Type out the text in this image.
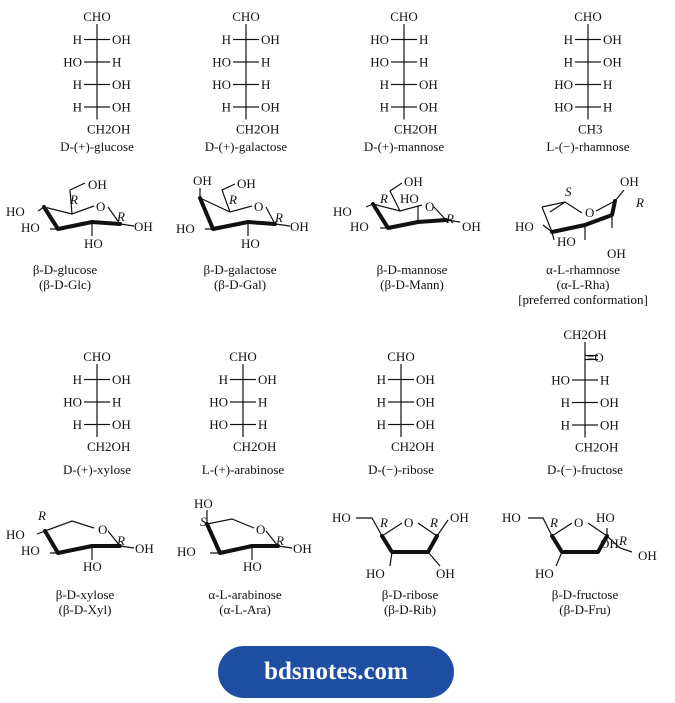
CHO
H OH
HO H
H OH
H OH
CH2OH
D-(+)-glucose
CHO
H OH
HO H
HO H
H OH
CH2OH
D-(+)-galactose
CHO
HO H
HO H
H OH
H OH
CH2OH
D-(+)-mannose
CHO
H OH
H OH
HO H
HO H
CH3
L-(−)-rhamnose
CHO
H OH
HO H
H OH
CH2OH
D-(+)-xylose
CHO
H OH
HO H
HO H
CH2OH
L-(+)-arabinose
CHO
H OH
H OH
H OH
CH2OH
D-(−)-ribose
CH2OH
=O
HO H
H OH
H OH
CH2OH
D-(−)-fructose
OH
R O
R
OH
HO
HO
HO
β-D-glucose
(β-D-Glc)
OH OH
R O
R
OH
HO
HO
β-D-galactose
(β-D-Gal)
OH
R HO
O
R
OH
HO
HO
β-D-mannose
(β-D-Mann)
S
O
OH
R
HO
HO
OH
α-L-rhamnose
(α-L-Rha)
[preferred conformation]
R
O
HO
HO
R
OH
HO
β-D-xylose
(β-D-Xyl)
HO
S
O
HO
R
OH
HO
α-L-arabinose
(α-L-Ara)
HO R O R OH
HO	OH
β-D-ribose
(β-D-Rib)
HO R O HO
R
OH
HO
OH
β-D-fructose
(β-D-Fru)
bdsnotes.com
